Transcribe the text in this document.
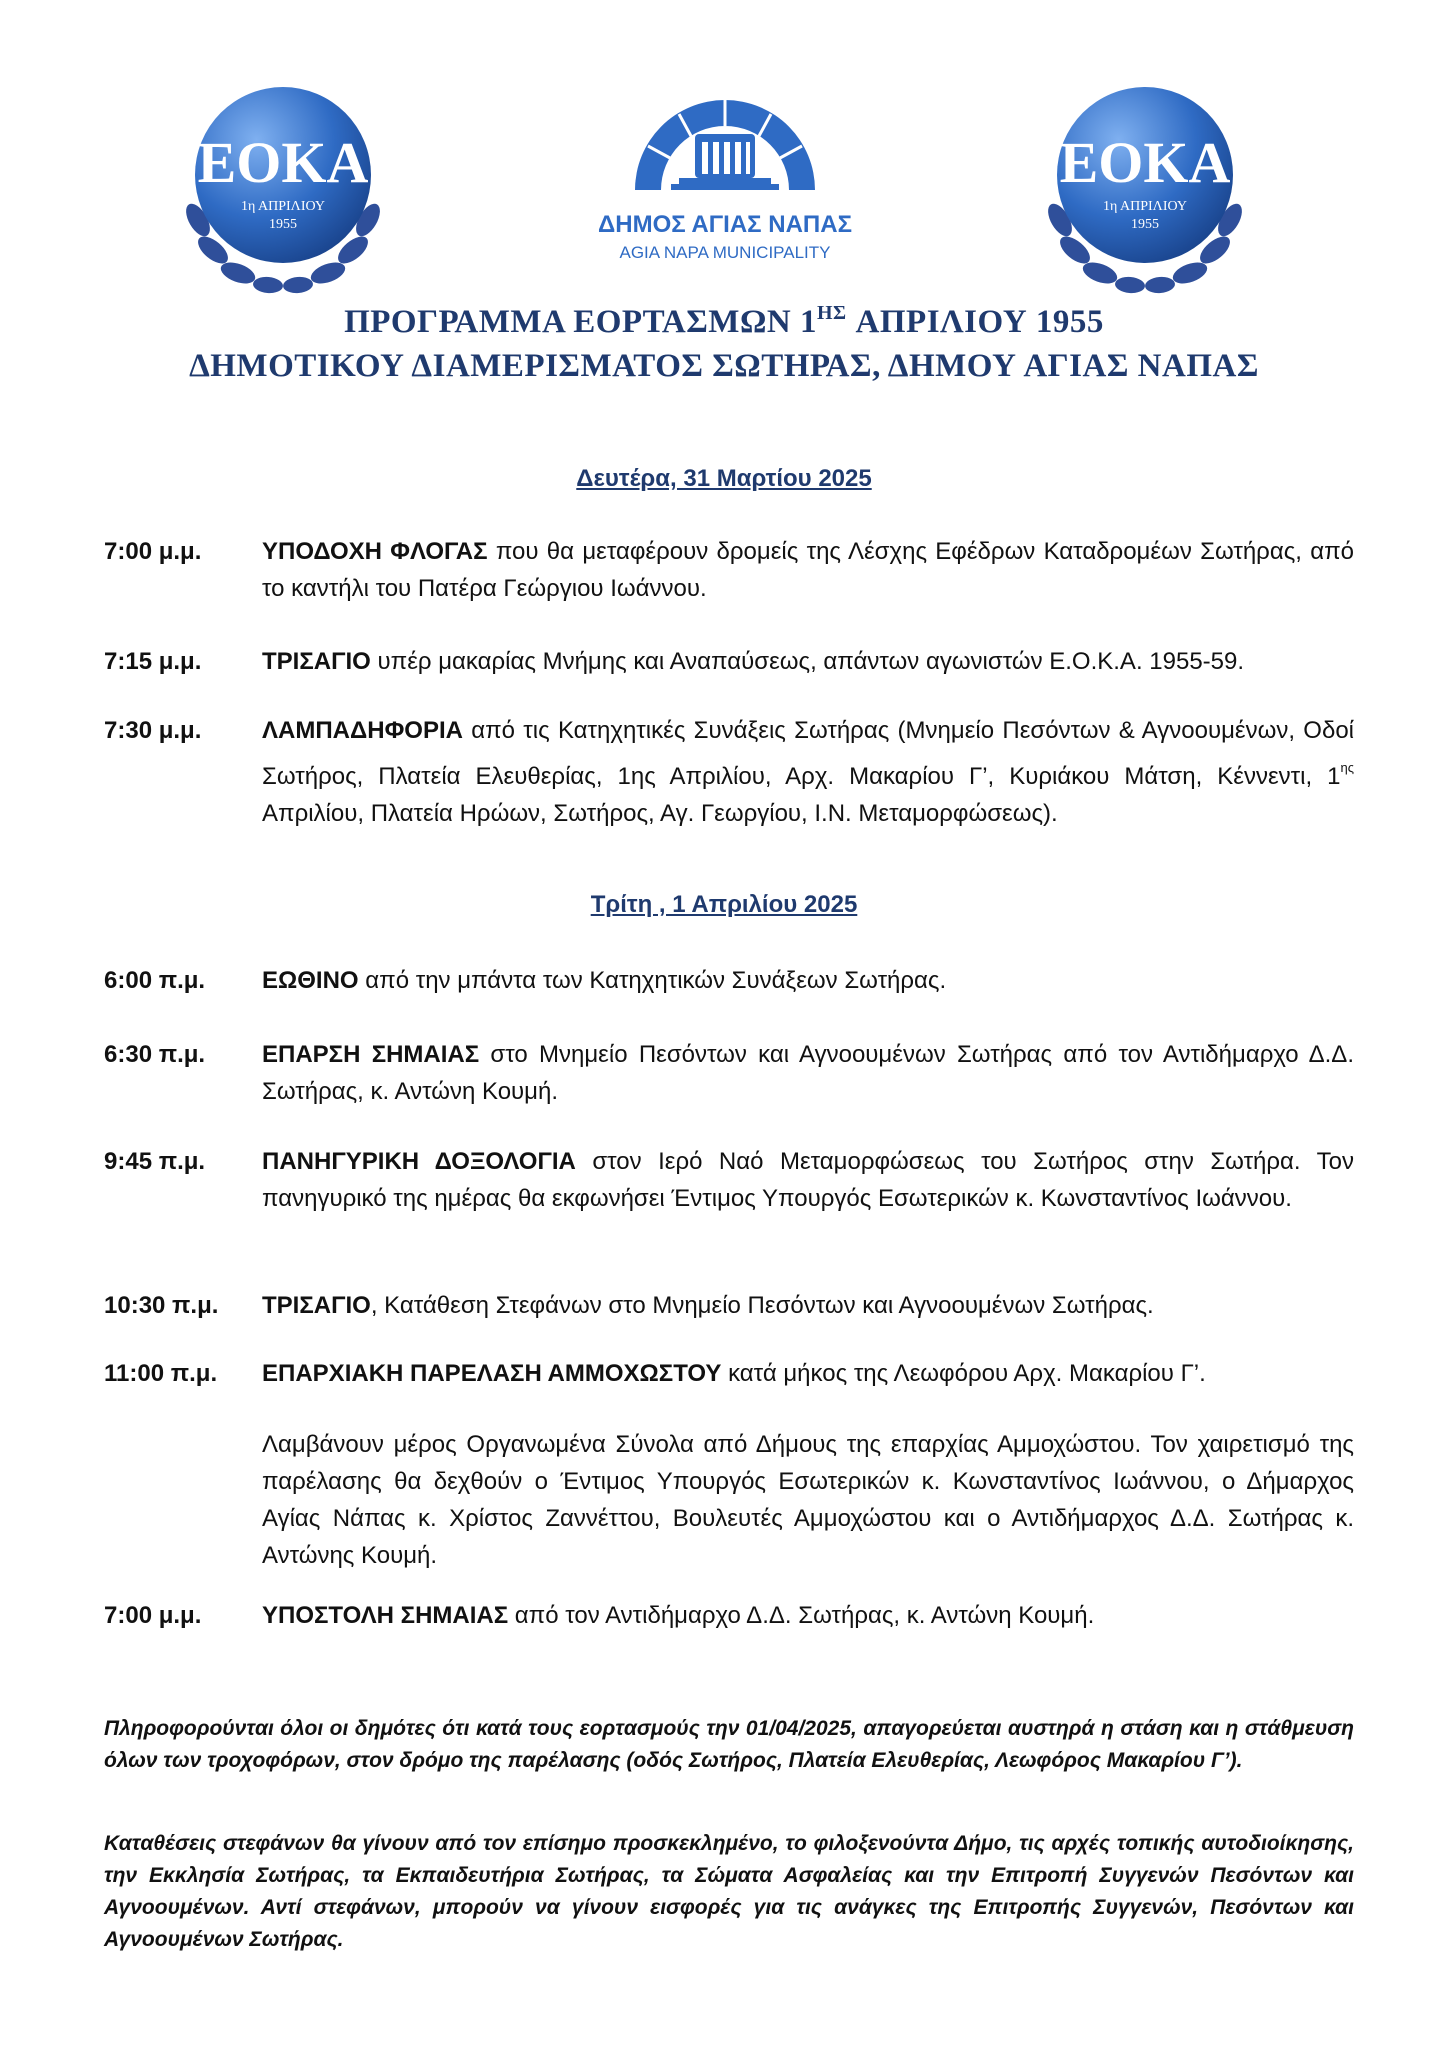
ΕΟΚΑ
1η ΑΠΡΙΛΙΟΥ
1955	ΔΗΜΟΣ ΑΓΙΑΣ ΝΑΠΑΣ
AGIA NAPA MUNICIPALITY
ΕΟΚΑ
1η ΑΠΡΙΛΙΟΥ
1955
ΠΡΟΓΡΑΜΜΑ ΕΟΡΤΑΣΜΩΝ $1^{H\Sigma}$ ΑΠΡΙΛΙΟΥ 1955
ΔΗΜΟΤΙΚΟΥ ΔΙΑΜΕΡΙΣΜΑΤΟΣ ΣΩΤΗΡΑΣ, ΔΗΜΟΥ ΑΓΙΑΣ ΝΑΠΑΣ
Δευτέρα, 31 Μαρτίου 2025
7:00 μ.μ.	ΥΠΟΔΟΧΗ ΦΛΟΓΑΣ που θα μεταφέρουν δρομείς της Λέσχης Εφέδρων Καταδρομέων Σωτήρας, από το καντήλι του Πατέρα Γεώργιου Ιωάννου.
7:15 μ.μ.	ΤΡΙΣΑΓΙΟ υπέρ μακαρίας Μνήμης και Αναπαύσεως, απάντων αγωνιστών Ε.Ο.Κ.Α. 1955-59.
7:30 μ.μ.	ΛΑΜΠΑΔΗΦΟΡΙΑ από τις Κατηχητικές Συνάξεις Σωτήρας (Μνημείο Πεσόντων & Αγνοουμένων, Οδοί Σωτήρος, Πλατεία Ελευθερίας, 1ης Απριλίου, Αρχ. Μακαρίου Γ’, Κυριάκου Μάτση, Κέννεντι, $1^{\eta\varsigma}$ Απριλίου, Πλατεία Ηρώων, Σωτήρος, Αγ. Γεωργίου, Ι.Ν. Μεταμορφώσεως).
Τρίτη , 1 Απριλίου 2025
6:00 π.μ. ΕΩΘΙΝΟ από την μπάντα των Κατηχητικών Συνάξεων Σωτήρας.
6:30 π.μ. ΕΠΑΡΣΗ ΣΗΜΑΙΑΣ στο Μνημείο Πεσόντων και Αγνοουμένων Σωτήρας από τον Αντιδήμαρχο Δ.Δ. Σωτήρας, κ. Αντώνη Κουμή.
9:45 π.μ. ΠΑΝΗΓΥΡΙΚΗ ΔΟΞΟΛΟΓΙΑ στον Ιερό Ναό Μεταμορφώσεως του Σωτήρος στην Σωτήρα. Τον πανηγυρικό της ημέρας θα εκφωνήσει Έντιμος Υπουργός Εσωτερικών κ. Κωνσταντίνος Ιωάννου.
10:30 π.μ. ΤΡΙΣΑΓΙΟ, Κατάθεση Στεφάνων στο Μνημείο Πεσόντων και Αγνοουμένων Σωτήρας.
11:00 π.μ. ΕΠΑΡΧΙΑΚΗ ΠΑΡΕΛΑΣΗ ΑΜΜΟΧΩΣΤΟΥ κατά μήκος της Λεωφόρου Αρχ. Μακαρίου Γ’.
Λαμβάνουν μέρος Οργανωμένα Σύνολα από Δήμους της επαρχίας Αμμοχώστου. Τον χαιρετισμό της παρέλασης θα δεχθούν ο Έντιμος Υπουργός Εσωτερικών κ. Κωνσταντίνος Ιωάννου, ο Δήμαρχος Αγίας Νάπας κ. Χρίστος Ζαννέττου, Βουλευτές Αμμοχώστου και ο Αντιδήμαρχος Δ.Δ. Σωτήρας κ. Αντώνης Κουμή.
7:00 μ.μ.	ΥΠΟΣΤΟΛΗ ΣΗΜΑΙΑΣ από τον Αντιδήμαρχο Δ.Δ. Σωτήρας, κ. Αντώνη Κουμή.
Πληροφορούνται όλοι οι δημότες ότι κατά τους εορτασμούς την 01/04/2025, απαγορεύεται αυστηρά η στάση και η στάθμευση όλων των τροχοφόρων, στον δρόμο της παρέλασης (οδός Σωτήρος, Πλατεία Ελευθερίας, Λεωφόρος Μακαρίου Γ’).
Καταθέσεις στεφάνων θα γίνουν από τον επίσημο προσκεκλημένο, το φιλοξενούντα Δήμο, τις αρχές τοπικής αυτοδιοίκησης, την Εκκλησία Σωτήρας, τα Εκπαιδευτήρια Σωτήρας, τα Σώματα Ασφαλείας και την Επιτροπή Συγγενών Πεσόντων και Αγνοουμένων. Αντί στεφάνων, μπορούν να γίνουν εισφορές για τις ανάγκες της Επιτροπής Συγγενών, Πεσόντων και Αγνοουμένων Σωτήρας.
